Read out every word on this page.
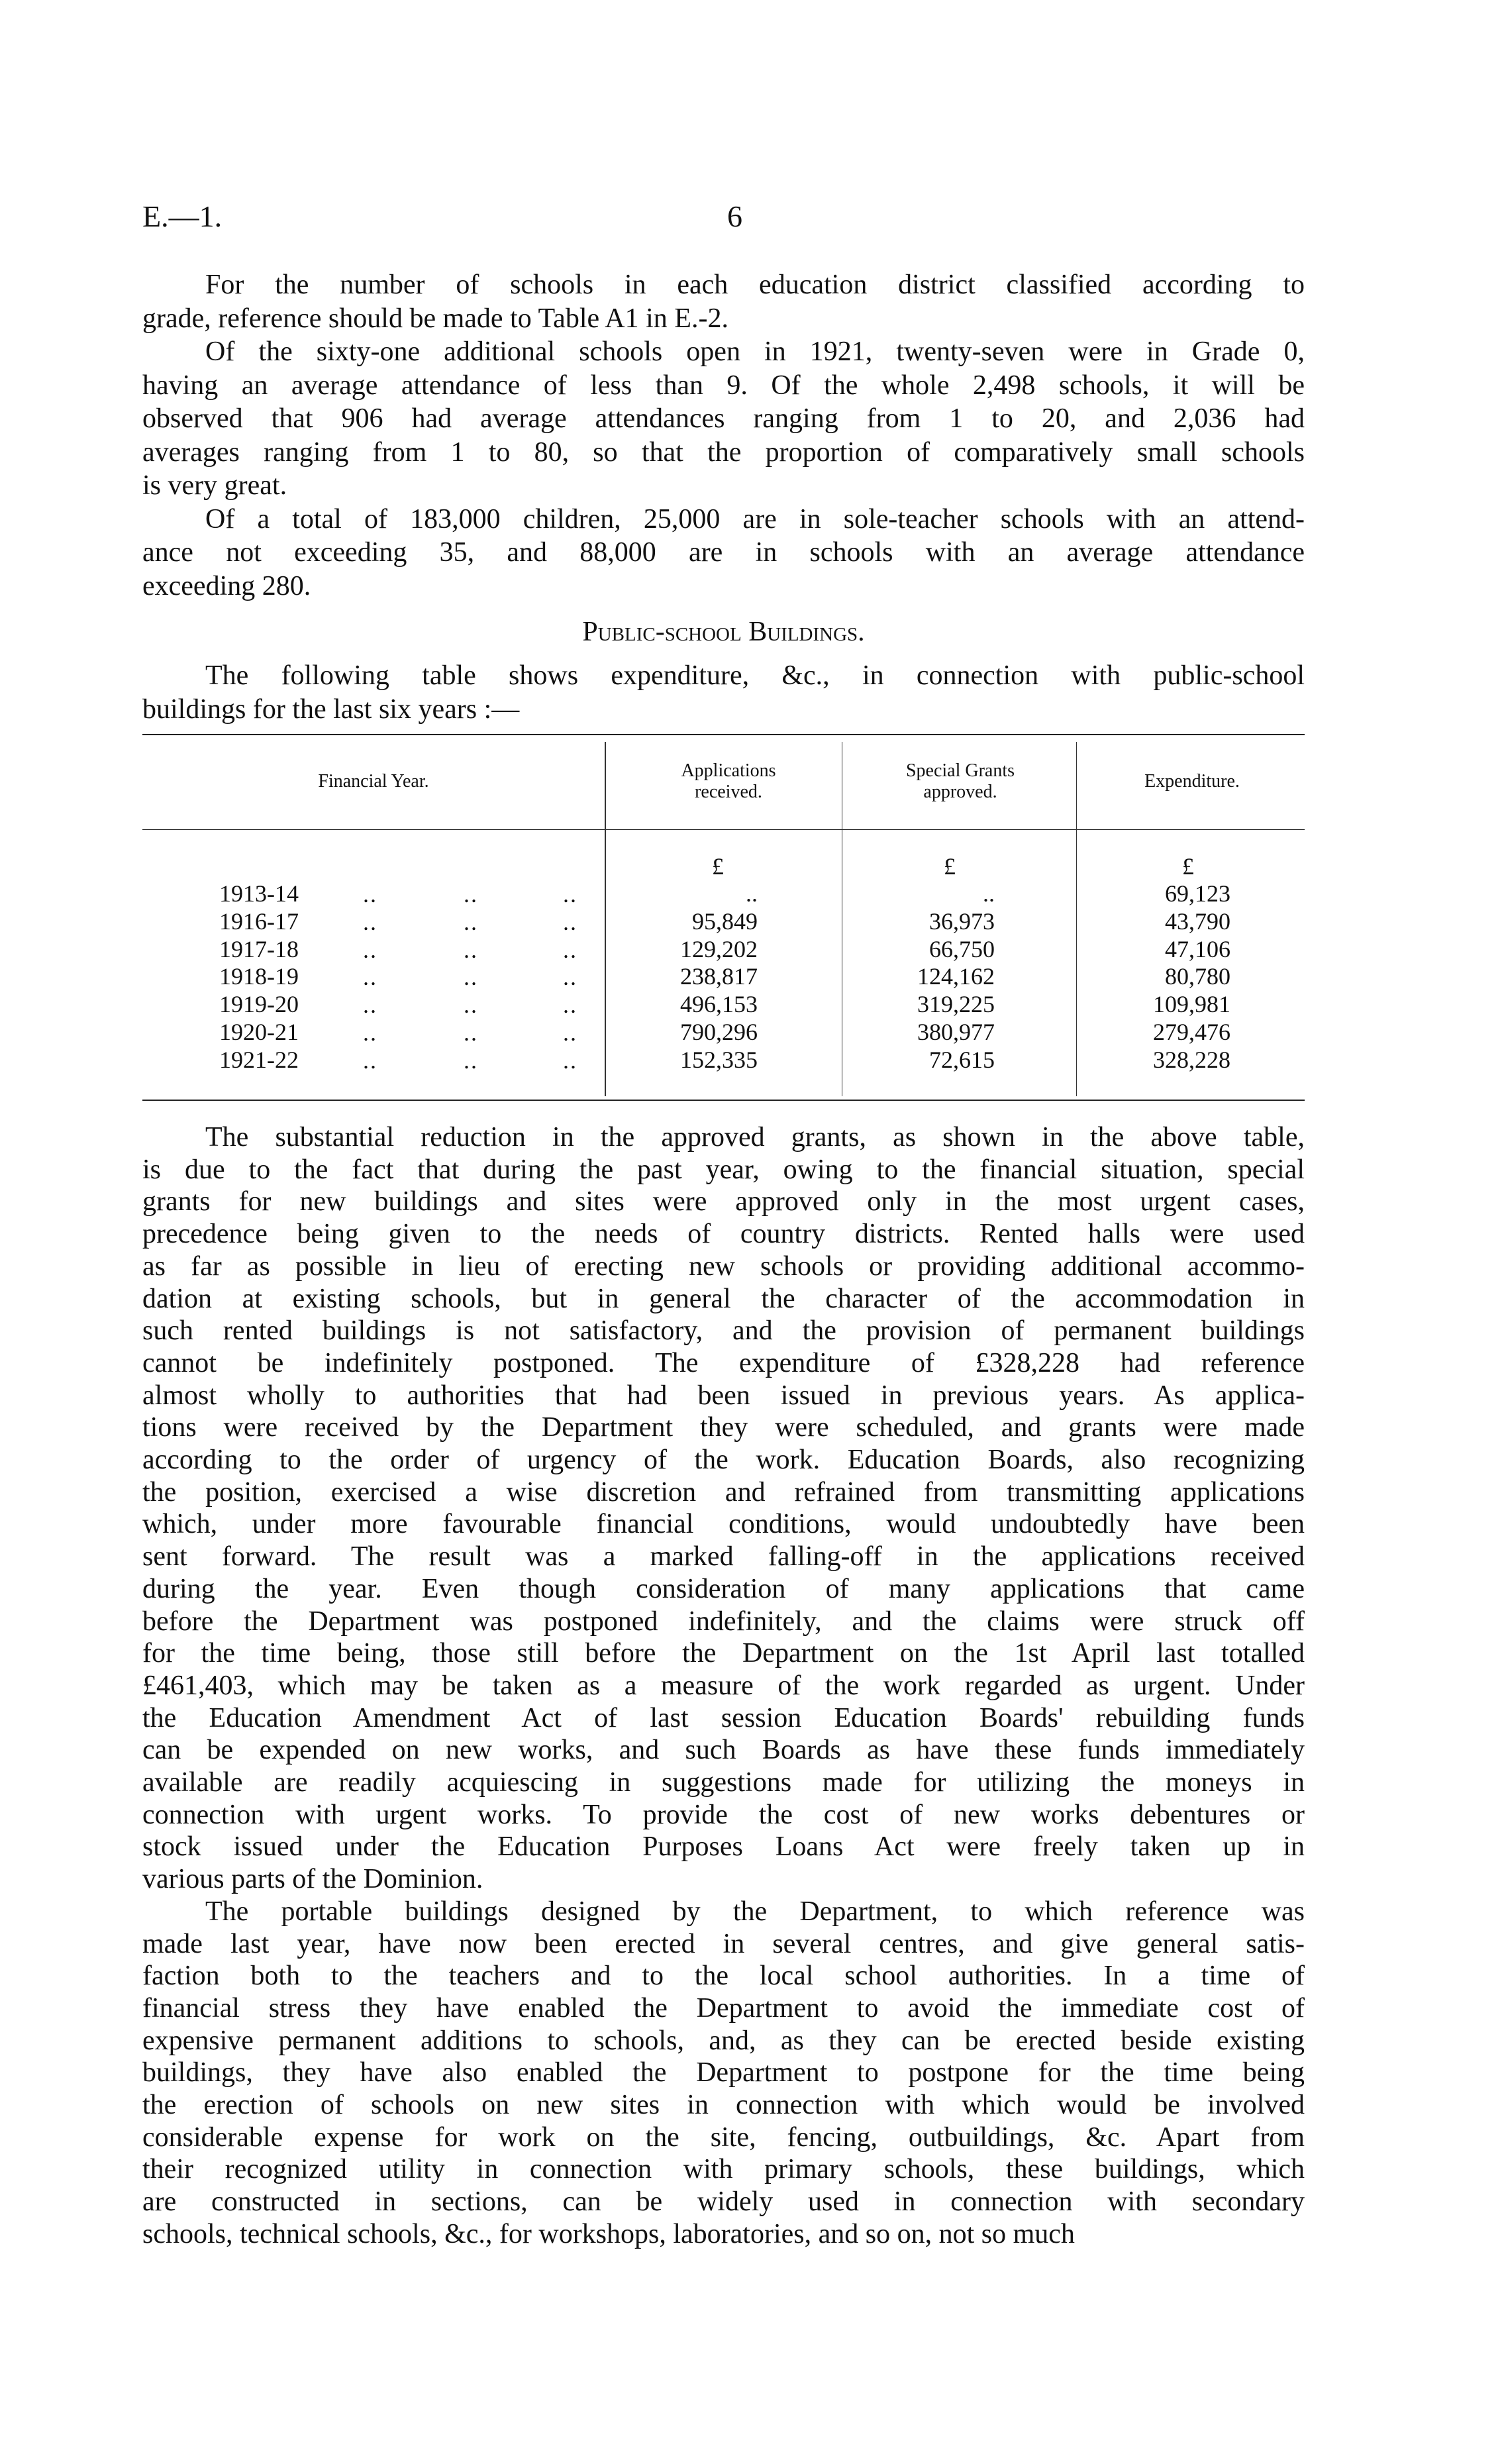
E.—1.	6
For the number of schools in each education district classified according to
grade, reference should be made to Table A1 in E.-2.
Of the sixty-one additional schools open in 1921, twenty-seven were in Grade 0,
having an average attendance of less than 9. Of the whole 2,498 schools, it will be
observed that 906 had average attendances ranging from 1 to 20, and 2,036 had
averages ranging from 1 to 80, so that the proportion of comparatively small schools
is very great.
Of a total of 183,000 children, 25,000 are in sole-teacher schools with an attend-
ance not exceeding 35, and 88,000 are in schools with an average attendance
exceeding 280.
Public-school Buildings.
The following table shows expenditure, &c., in connection with public-school
buildings for the last six years :—
Financial Year.
Applications received.
Special Grants approved.
Expenditure.
£	£	£
1913-14	..	..	..	..	..	69,123
1916-17	..	..	..	95,849	36,973	43,790
1917-18	..	..	..	129,202	66,750	47,106
1918-19	..	..	..	238,817	124,162	80,780
1919-20	..	..	..	496,153	319,225	109,981
1920-21	..	..	..	790,296	380,977	279,476
1921-22	..	..	..	152,335	72,615	328,228
The substantial reduction in the approved grants, as shown in the above table,
is due to the fact that during the past year, owing to the financial situation, special
grants for new buildings and sites were approved only in the most urgent cases,
precedence being given to the needs of country districts. Rented halls were used
as far as possible in lieu of erecting new schools or providing additional accommo-
dation at existing schools, but in general the character of the accommodation in
such rented buildings is not satisfactory, and the provision of permanent buildings
cannot be indefinitely postponed. The expenditure of £328,228 had reference
almost wholly to authorities that had been issued in previous years. As applica-
tions were received by the Department they were scheduled, and grants were made
according to the order of urgency of the work. Education Boards, also recognizing
the position, exercised a wise discretion and refrained from transmitting applications
which, under more favourable financial conditions, would undoubtedly have been
sent forward. The result was a marked falling-off in the applications received
during the year. Even though consideration of many applications that came
before the Department was postponed indefinitely, and the claims were struck off
for the time being, those still before the Department on the 1st April last totalled
£461,403, which may be taken as a measure of the work regarded as urgent. Under
the Education Amendment Act of last session Education Boards' rebuilding funds
can be expended on new works, and such Boards as have these funds immediately
available are readily acquiescing in suggestions made for utilizing the moneys in
connection with urgent works. To provide the cost of new works debentures or
stock issued under the Education Purposes Loans Act were freely taken up in
various parts of the Dominion.
The portable buildings designed by the Department, to which reference was
made last year, have now been erected in several centres, and give general satis-
faction both to the teachers and to the local school authorities. In a time of
financial stress they have enabled the Department to avoid the immediate cost of
expensive permanent additions to schools, and, as they can be erected beside existing
buildings, they have also enabled the Department to postpone for the time being
the erection of schools on new sites in connection with which would be involved
considerable expense for work on the site, fencing, outbuildings, &c. Apart from
their recognized utility in connection with primary schools, these buildings, which
are constructed in sections, can be widely used in connection with secondary
schools, technical schools, &c., for workshops, laboratories, and so on, not so much
